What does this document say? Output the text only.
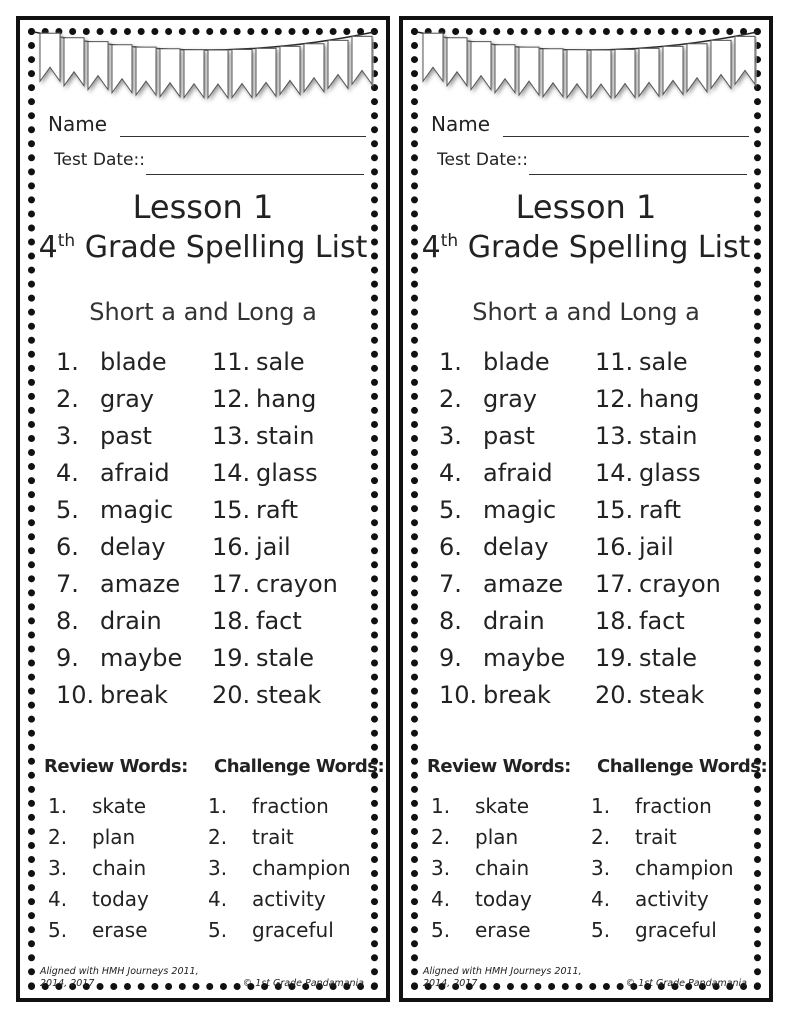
Name
Test Date::
Lesson 1
4th Grade Spelling List
Short a and Long a
1. blade
2. gray
3. past
4. afraid
5. magic
6. delay
7. amaze
8. drain
9. maybe
10. break
11. sale
12. hang
13. stain
14. glass
15. raft
16. jail
17. crayon
18. fact
19. stale
20. steak
Review Words: Challenge Words:
1. skate
2. plan
3. chain
4. today
5. erase
1. fraction
2. trait
3. champion
4. activity
5. graceful
Aligned with HMH Journeys 2011,
2014, 2017	© 1st Grade Pandamania
Name
Test Date::
Lesson 1
4th Grade Spelling List
Short a and Long a
1. blade
2. gray
3. past
4. afraid
5. magic
6. delay
7. amaze
8. drain
9. maybe
10. break
11. sale
12. hang
13. stain
14. glass
15. raft
16. jail
17. crayon
18. fact
19. stale
20. steak
Review Words: Challenge Words:
1. skate
2. plan
3. chain
4. today
5. erase
1. fraction
2. trait
3. champion
4. activity
5. graceful
Aligned with HMH Journeys 2011,
2014, 2017	© 1st Grade Pandamania
